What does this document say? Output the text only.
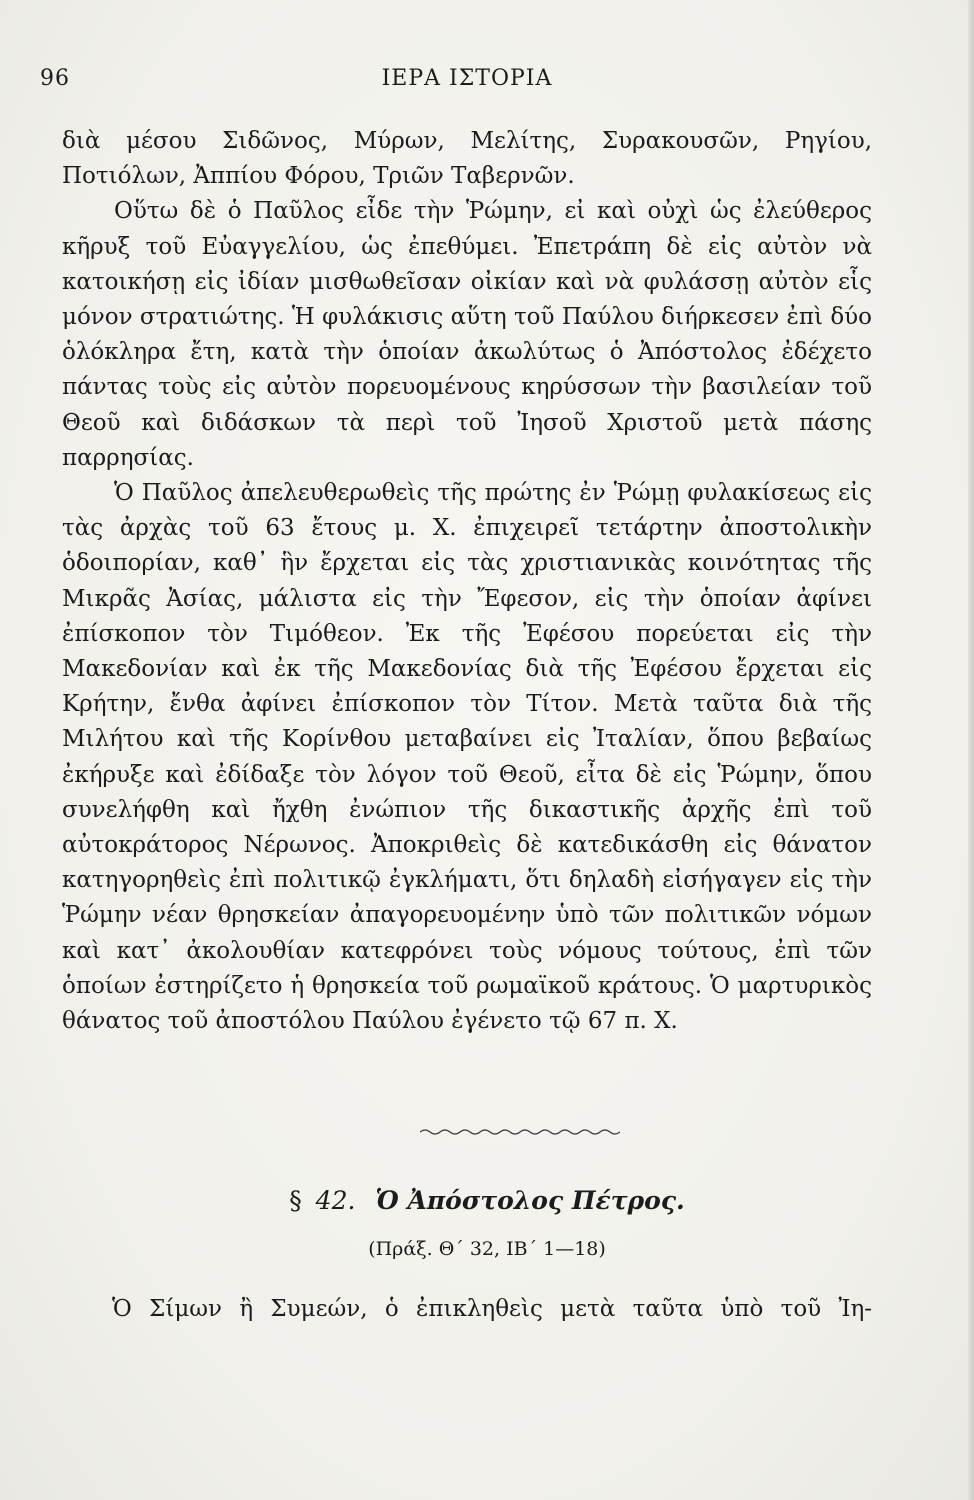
96	ΙΕΡΑ ΙΣΤΟΡΙΑ

διὰ μέσου Σιδῶνος, Μύρων, Μελίτης, Συρακουσῶν, Ρηγίου, Ποτιόλων, Ἀππίου Φόρου, Τριῶν Ταβερνῶν.

Οὕτω δὲ ὁ Παῦλος εἶδε τὴν Ῥώμην, εἰ καὶ οὐχὶ ὡς ἐλεύθερος κῆρυξ τοῦ Εὐαγγελίου, ὡς ἐπεθύμει. Ἐπετράπη δὲ εἰς αὐτὸν νὰ κατοικήσῃ εἰς ἰδίαν μισθωθεῖσαν οἰκίαν καὶ νὰ φυλάσσῃ αὐτὸν εἷς μόνον στρατιώτης. Ἡ φυλάκισις αὕτη τοῦ Παύλου διήρκεσεν ἐπὶ δύο ὁλόκληρα ἔτη, κατὰ τὴν ὁποίαν ἀκωλύτως ὁ Ἀπόστολος ἐδέχετο πάντας τοὺς εἰς αὐτὸν πορευομένους κηρύσσων τὴν βασιλείαν τοῦ Θεοῦ καὶ διδάσκων τὰ περὶ τοῦ Ἰησοῦ Χριστοῦ μετὰ πάσης παρρησίας.

Ὁ Παῦλος ἀπελευθερωθεὶς τῆς πρώτης ἐν Ῥώμῃ φυλακίσεως εἰς τὰς ἀρχὰς τοῦ 63 ἔτους μ. Χ. ἐπιχειρεῖ τετάρτην ἀποστολικὴν ὁδοιπορίαν, καθ᾽ ἣν ἔρχεται εἰς τὰς χριστιανικὰς κοινότητας τῆς Μικρᾶς Ἀσίας, μάλιστα εἰς τὴν Ἔφεσον, εἰς τὴν ὁποίαν ἀφίνει ἐπίσκοπον τὸν Τιμόθεον. Ἐκ τῆς Ἐφέσου πορεύεται εἰς τὴν Μακεδονίαν καὶ ἐκ τῆς Μακεδονίας διὰ τῆς Ἐφέσου ἔρχεται εἰς Κρήτην, ἔνθα ἀφίνει ἐπίσκοπον τὸν Τίτον. Μετὰ ταῦτα διὰ τῆς Μιλήτου καὶ τῆς Κορίνθου μεταβαίνει εἰς Ἰταλίαν, ὅπου βεβαίως ἐκήρυξε καὶ ἐδίδαξε τὸν λόγον τοῦ Θεοῦ, εἶτα δὲ εἰς Ῥώμην, ὅπου συνελήφθη καὶ ἤχθη ἐνώπιον τῆς δικαστικῆς ἀρχῆς ἐπὶ τοῦ αὐτοκράτορος Νέρωνος. Ἀποκριθεὶς δὲ κατεδικάσθη εἰς θάνατον κατηγορηθεὶς ἐπὶ πολιτικῷ ἐγκλήματι, ὅτι δηλαδὴ εἰσήγαγεν εἰς τὴν Ῥώμην νέαν θρησκείαν ἀπαγορευομένην ὑπὸ τῶν πολιτικῶν νόμων καὶ κατ᾽ ἀκολουθίαν κατεφρόνει τοὺς νόμους τούτους, ἐπὶ τῶν ὁποίων ἐστηρίζετο ἡ θρησκεία τοῦ ρωμαϊκοῦ κράτους. Ὁ μαρτυρικὸς θάνατος τοῦ ἀποστόλου Παύλου ἐγένετο τῷ 67 π. Χ.

§ 42. Ὁ Ἀπόστολος Πέτρος.
(Πράξ. Θ΄ 32, ΙΒ΄ 1—18)
Ὁ Σίμων ἢ Συμεών, ὁ ἐπικληθεὶς μετὰ ταῦτα ὑπὸ τοῦ Ἰη-
